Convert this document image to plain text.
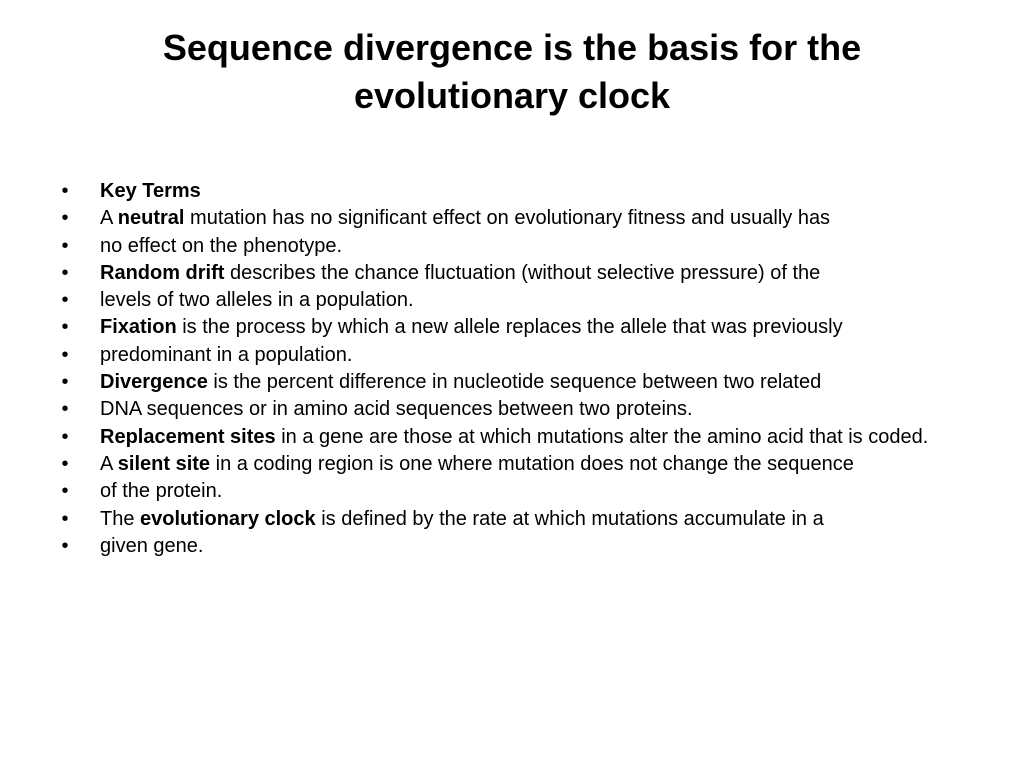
Sequence divergence is the basis for the
evolutionary clock
• Key Terms
• A neutral mutation has no significant effect on evolutionary fitness and usually has
• no effect on the phenotype.
• Random drift describes the chance fluctuation (without selective pressure) of the
• levels of two alleles in a population.
• Fixation is the process by which a new allele replaces the allele that was previously
• predominant in a population.
• Divergence is the percent difference in nucleotide sequence between two related
• DNA sequences or in amino acid sequences between two proteins.
• Replacement sites in a gene are those at which mutations alter the amino acid that is coded.
• A silent site in a coding region is one where mutation does not change the sequence
• of the protein.
• The evolutionary clock is defined by the rate at which mutations accumulate in a
• given gene.
